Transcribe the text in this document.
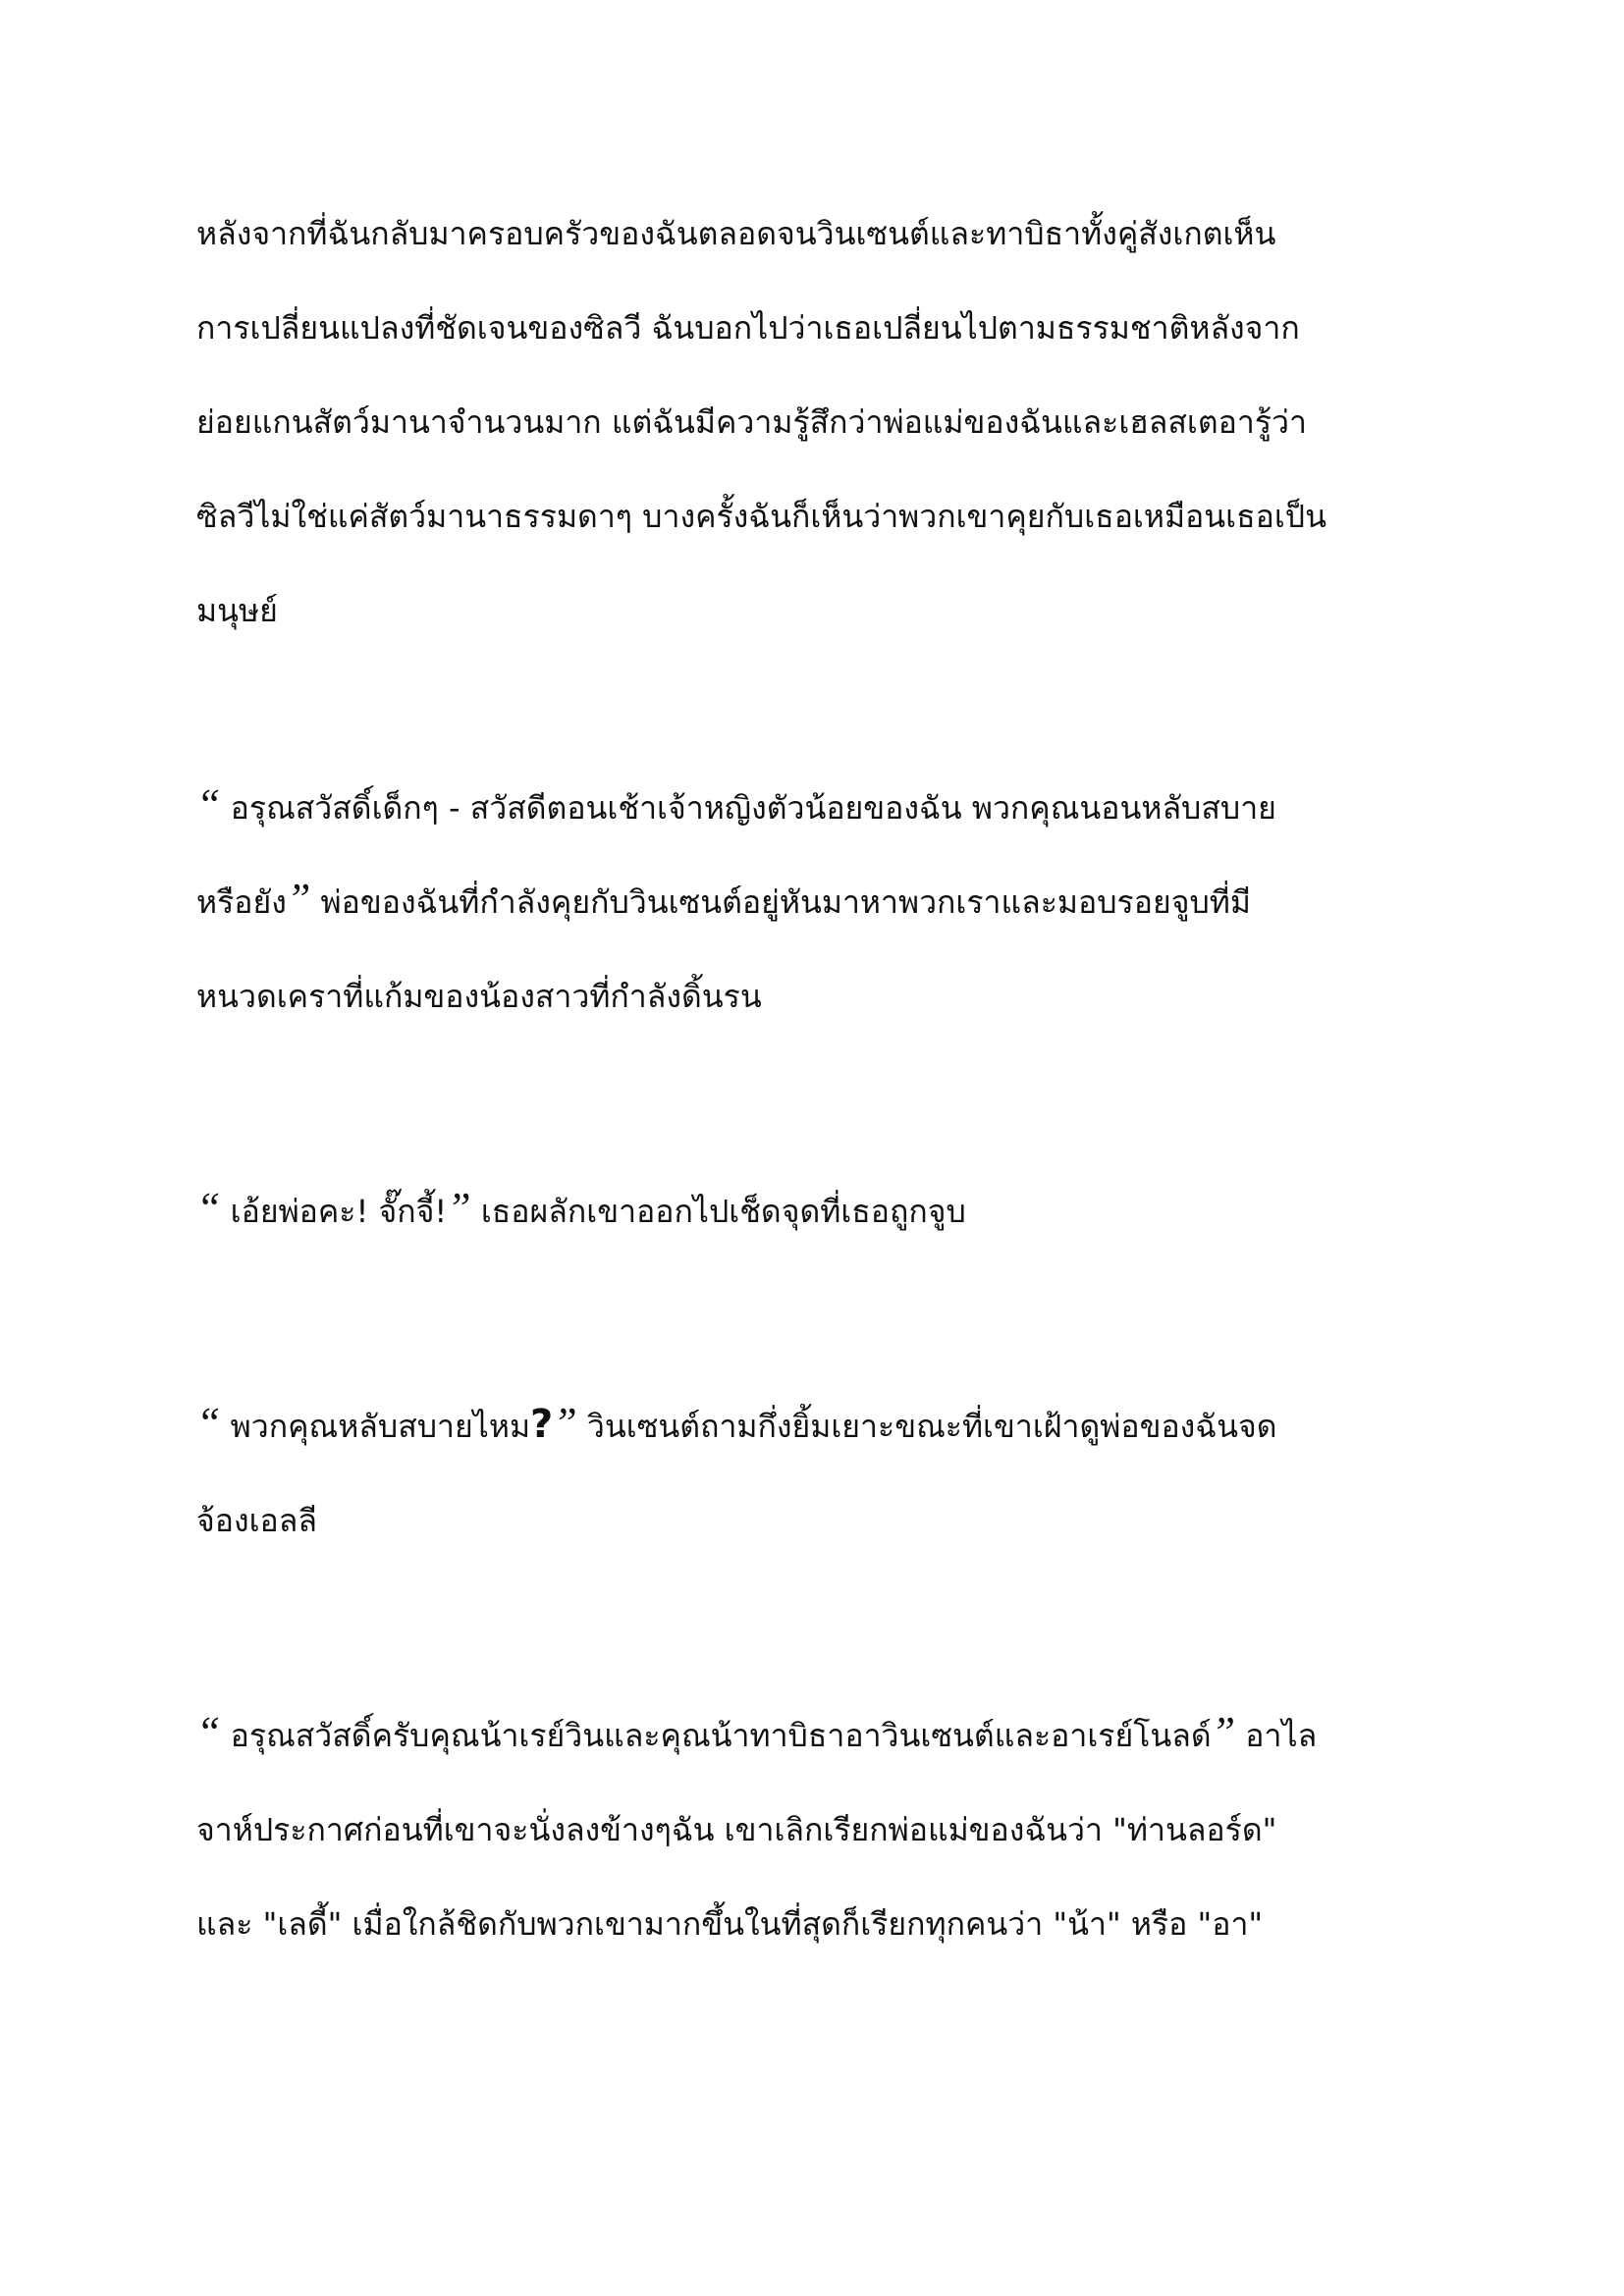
หลังจากที่ฉันกลับมาครอบครัวของฉันตลอดจนวินเซนต์และทาบิธาทั้งคู่สังเกตเห็น
การเปลี่ยนแปลงที่ชัดเจนของซิลวี ฉันบอกไปว่าเธอเปลี่ยนไปตามธรรมชาติหลังจาก
ย่อยแกนสัตว์มานาจำนวนมาก แต่ฉันมีความรู้สึกว่าพ่อแม่ของฉันและเฮลสเตอารู้ว่า
ซิลวีไม่ใช่แค่สัตว์มานาธรรมดาๆ บางครั้งฉันก็เห็นว่าพวกเขาคุยกับเธอเหมือนเธอเป็น
มนุษย์

“ อรุณสวัสดิ์เด็กๆ - สวัสดีตอนเช้าเจ้าหญิงตัวน้อยของฉัน พวกคุณนอนหลับสบาย
หรือยัง” พ่อของฉันที่กำลังคุยกับวินเซนต์อยู่หันมาหาพวกเราและมอบรอยจูบที่มี
หนวดเคราที่แก้มของน้องสาวที่กำลังดิ้นรน

“ เอ้ยพ่อคะ! จั๊กจี้!” เธอผลักเขาออกไปเช็ดจุดที่เธอถูกจูบ

“ พวกคุณหลับสบายไหม?” วินเซนต์ถามกึ่งยิ้มเยาะขณะที่เขาเฝ้าดูพ่อของฉันจด
จ้องเอลลี

“ อรุณสวัสดิ์ครับคุณน้าเรย์วินและคุณน้าทาบิธาอาวินเซนต์และอาเรย์โนลด์” อาไล
จาห์ประกาศก่อนที่เขาจะนั่งลงข้างๆฉัน เขาเลิกเรียกพ่อแม่ของฉันว่า "ท่านลอร์ด"
และ "เลดี้" เมื่อใกล้ชิดกับพวกเขามากขึ้นในที่สุดก็เรียกทุกคนว่า "น้า" หรือ "อา"
